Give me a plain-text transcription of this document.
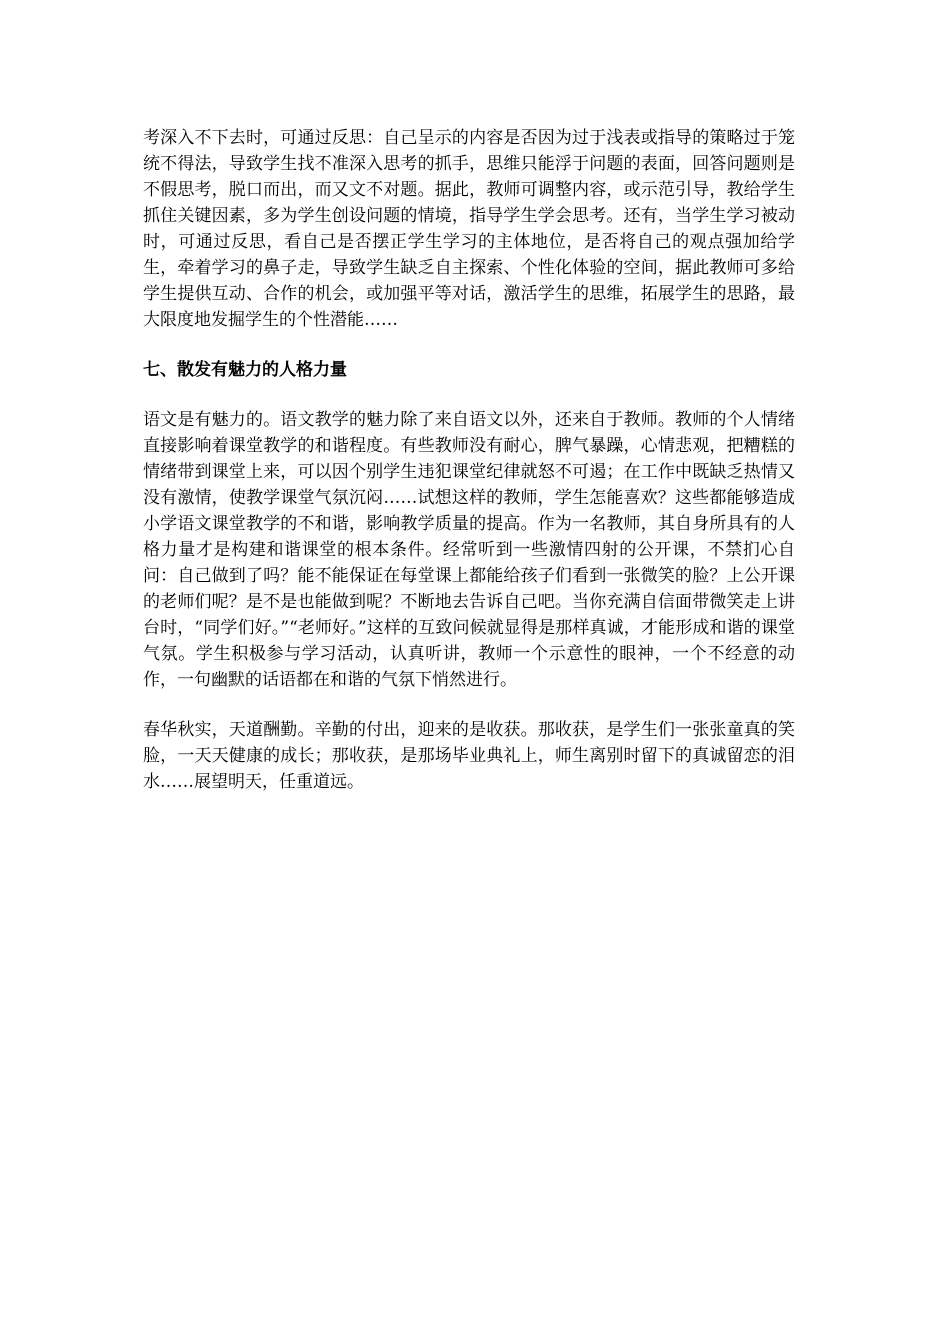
考深入不下去时，可通过反思：自己呈示的内容是否因为过于浅表或指导的策略过于笼统不得法，导致学生找不准深入思考的抓手，思维只能浮于问题的表面，回答问题则是不假思考，脱口而出，而又文不对题。据此，教师可调整内容，或示范引导，教给学生抓住关键因素，多为学生创设问题的情境，指导学生学会思考。还有，当学生学习被动时，可通过反思，看自己是否摆正学生学习的主体地位，是否将自己的观点强加给学生，牵着学习的鼻子走，导致学生缺乏自主探索、个性化体验的空间，据此教师可多给学生提供互动、合作的机会，或加强平等对话，激活学生的思维，拓展学生的思路，最大限度地发掘学生的个性潜能……

七、散发有魅力的人格力量

语文是有魅力的。语文教学的魅力除了来自语文以外，还来自于教师。教师的个人情绪直接影响着课堂教学的和谐程度。有些教师没有耐心，脾气暴躁，心情悲观，把糟糕的情绪带到课堂上来，可以因个别学生违犯课堂纪律就怒不可遏；在工作中既缺乏热情又没有激情，使教学课堂气氛沉闷……试想这样的教师，学生怎能喜欢？这些都能够造成小学语文课堂教学的不和谐，影响教学质量的提高。作为一名教师，其自身所具有的人格力量才是构建和谐课堂的根本条件。经常听到一些激情四射的公开课，不禁扪心自问：自己做到了吗？能不能保证在每堂课上都能给孩子们看到一张微笑的脸？上公开课的老师们呢？是不是也能做到呢？不断地去告诉自己吧。当你充满自信面带微笑走上讲台时，“同学们好。”“老师好。”这样的互致问候就显得是那样真诚，才能形成和谐的课堂气氛。学生积极参与学习活动，认真听讲，教师一个示意性的眼神，一个不经意的动作，一句幽默的话语都在和谐的气氛下悄然进行。

春华秋实，天道酬勤。辛勤的付出，迎来的是收获。那收获，是学生们一张张童真的笑脸，一天天健康的成长；那收获，是那场毕业典礼上，师生离别时留下的真诚留恋的泪水……展望明天，任重道远。
